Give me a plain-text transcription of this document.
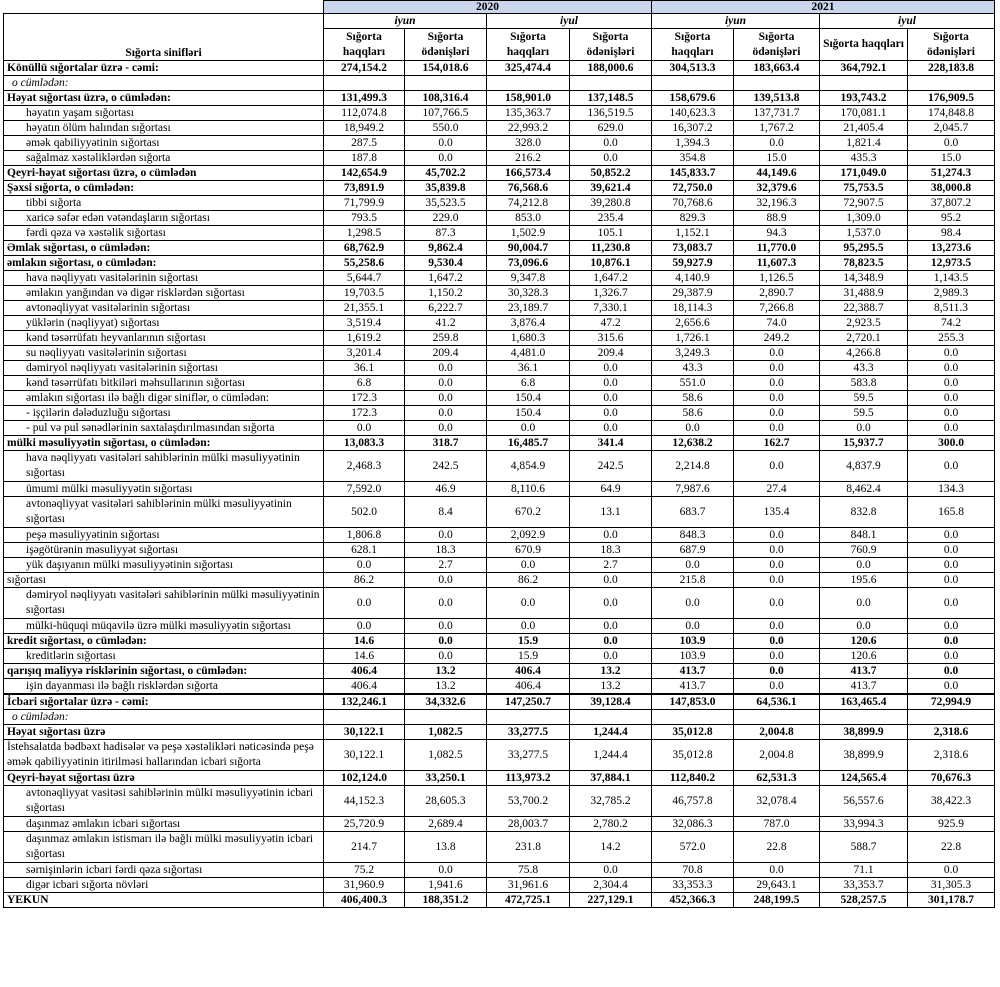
	2020				2021			
Sığorta sinifləri	iyun		iyul		iyun		iyul	
	Sığorta haqqları	Sığorta ödənişləri	Sığorta haqqları	Sığorta ödənişləri	Sığorta haqqları	Sığorta ödənişləri	Sığorta haqqları	Sığorta ödənişləri
Könüllü sığortalar üzrə - cəmi:	274,154.2	154,018.6	325,474.4	188,000.6	304,513.3	183,663.4	364,792.1	228,183.8
o cümlədən:								
Həyat sığortası üzrə, o cümlədən:	131,499.3	108,316.4	158,901.0	137,148.5	158,679.6	139,513.8	193,743.2	176,909.5
həyatın yaşam sığortası	112,074.8	107,766.5	135,363.7	136,519.5	140,623.3	137,731.7	170,081.1	174,848.8
həyatın ölüm halından sığortası	18,949.2	550.0	22,993.2	629.0	16,307.2	1,767.2	21,405.4	2,045.7
əmək qabiliyyətinin sığortası	287.5	0.0	328.0	0.0	1,394.3	0.0	1,821.4	0.0
sağalmaz xəstəliklərdən sığorta	187.8	0.0	216.2	0.0	354.8	15.0	435.3	15.0
Qeyri-həyat sığortası üzrə, o cümlədən	142,654.9	45,702.2	166,573.4	50,852.2	145,833.7	44,149.6	171,049.0	51,274.3
Şəxsi sığorta, o cümlədən:	73,891.9	35,839.8	76,568.6	39,621.4	72,750.0	32,379.6	75,753.5	38,000.8
tibbi sığorta	71,799.9	35,523.5	74,212.8	39,280.8	70,768.6	32,196.3	72,907.5	37,807.2
xaricə səfər edən vətəndaşların sığortası	793.5	229.0	853.0	235.4	829.3	88.9	1,309.0	95.2
fərdi qəza və xəstəlik sığortası	1,298.5	87.3	1,502.9	105.1	1,152.1	94.3	1,537.0	98.4
Əmlak sığortası, o cümlədən:	68,762.9	9,862.4	90,004.7	11,230.8	73,083.7	11,770.0	95,295.5	13,273.6
əmlakın sığortası, o cümlədən:	55,258.6	9,530.4	73,096.6	10,876.1	59,927.9	11,607.3	78,823.5	12,973.5
hava nəqliyyatı vasitələrinin sığortası	5,644.7	1,647.2	9,347.8	1,647.2	4,140.9	1,126.5	14,348.9	1,143.5
əmlakın yanğından və digər risklərdən sığortası	19,703.5	1,150.2	30,328.3	1,326.7	29,387.9	2,890.7	31,488.9	2,989.3
avtonəqliyyat vasitələrinin sığortası	21,355.1	6,222.7	23,189.7	7,330.1	18,114.3	7,266.8	22,388.7	8,511.3
yüklərin (nəqliyyat) sığortası	3,519.4	41.2	3,876.4	47.2	2,656.6	74.0	2,923.5	74.2
kənd təsərrüfatı heyvanlarının sığortası	1,619.2	259.8	1,680.3	315.6	1,726.1	249.2	2,720.1	255.3
su nəqliyyatı vasitələrinin sığortası	3,201.4	209.4	4,481.0	209.4	3,249.3	0.0	4,266.8	0.0
dəmiryol nəqliyyatı vasitələrinin sığortası	36.1	0.0	36.1	0.0	43.3	0.0	43.3	0.0
kənd təsərrüfatı bitkiləri məhsullarının sığortası	6.8	0.0	6.8	0.0	551.0	0.0	583.8	0.0
əmlakın sığortası ilə bağlı digər siniflər, o cümlədən:	172.3	0.0	150.4	0.0	58.6	0.0	59.5	0.0
- işçilərin dələduzluğu sığortası	172.3	0.0	150.4	0.0	58.6	0.0	59.5	0.0
- pul və pul sənədlərinin saxtalaşdırılmasından sığorta	0.0	0.0	0.0	0.0	0.0	0.0	0.0	0.0
mülki məsuliyyətin sığortası, o cümlədən:	13,083.3	318.7	16,485.7	341.4	12,638.2	162.7	15,937.7	300.0
hava nəqliyyatı vasitələri sahiblərinin mülki məsuliyyətinin sığortası	2,468.3	242.5	4,854.9	242.5	2,214.8	0.0	4,837.9	0.0
ümumi mülki məsuliyyətin sığortası	7,592.0	46.9	8,110.6	64.9	7,987.6	27.4	8,462.4	134.3
avtonəqliyyat vasitələri sahiblərinin mülki məsuliyyətinin sığortası	502.0	8.4	670.2	13.1	683.7	135.4	832.8	165.8
peşə məsuliyyətinin sığortası	1,806.8	0.0	2,092.9	0.0	848.3	0.0	848.1	0.0
işəgötürənin məsuliyyət sığortası	628.1	18.3	670.9	18.3	687.9	0.0	760.9	0.0
yük daşıyanın mülki məsuliyyətinin sığortası	0.0	2.7	0.0	2.7	0.0	0.0	0.0	0.0
sığortası	86.2	0.0	86.2	0.0	215.8	0.0	195.6	0.0
dəmiryol nəqliyyatı vasitələri sahiblərinin mülki məsuliyyətinin sığortası	0.0	0.0	0.0	0.0	0.0	0.0	0.0	0.0
mülki-hüquqi müqavilə üzrə mülki məsuliyyətin sığortası	0.0	0.0	0.0	0.0	0.0	0.0	0.0	0.0
kredit sığortası, o cümlədən:	14.6	0.0	15.9	0.0	103.9	0.0	120.6	0.0
kreditlərin sığortası	14.6	0.0	15.9	0.0	103.9	0.0	120.6	0.0
qarışıq maliyyə risklərinin sığortası, o cümlədən:	406.4	13.2	406.4	13.2	413.7	0.0	413.7	0.0
işin dayanması ilə bağlı risklərdən sığorta	406.4	13.2	406.4	13.2	413.7	0.0	413.7	0.0
İcbari sığortalar üzrə - cəmi:	132,246.1	34,332.6	147,250.7	39,128.4	147,853.0	64,536.1	163,465.4	72,994.9
o cümlədən:								
Həyat sığortası üzrə	30,122.1	1,082.5	33,277.5	1,244.4	35,012.8	2,004.8	38,899.9	2,318.6
İstehsalatda bədbəxt hadisələr və peşə xəstəlikləri nəticəsində peşə əmək qabiliyyətinin itirilməsi hallarından icbari sığorta	30,122.1	1,082.5	33,277.5	1,244.4	35,012.8	2,004.8	38,899.9	2,318.6
Qeyri-həyat sığortası üzrə	102,124.0	33,250.1	113,973.2	37,884.1	112,840.2	62,531.3	124,565.4	70,676.3
avtonəqliyyat vasitəsi sahiblərinin mülki məsuliyyətinin icbari sığortası	44,152.3	28,605.3	53,700.2	32,785.2	46,757.8	32,078.4	56,557.6	38,422.3
daşınmaz əmlakın icbari sığortası	25,720.9	2,689.4	28,003.7	2,780.2	32,086.3	787.0	33,994.3	925.9
daşınmaz əmlakın istismarı ilə bağlı mülki məsuliyyətin icbari sığortası	214.7	13.8	231.8	14.2	572.0	22.8	588.7	22.8
sərnişinlərin icbari fərdi qəza sığortası	75.2	0.0	75.8	0.0	70.8	0.0	71.1	0.0
digər icbari sığorta növləri	31,960.9	1,941.6	31,961.6	2,304.4	33,353.3	29,643.1	33,353.7	31,305.3
YEKUN	406,400.3	188,351.2	472,725.1	227,129.1	452,366.3	248,199.5	528,257.5	301,178.7
